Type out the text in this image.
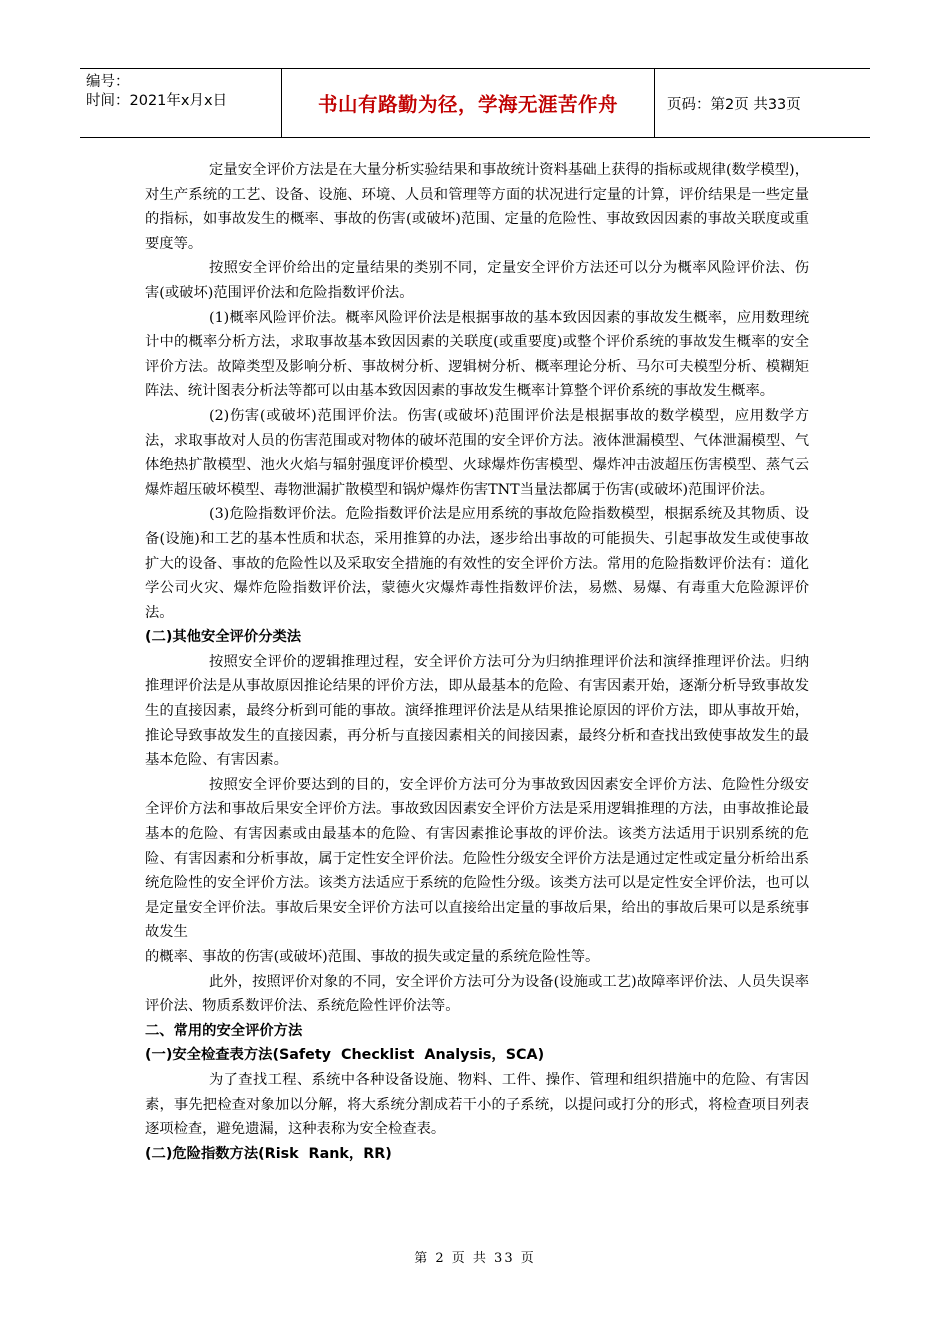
编号：
时间：2021年x月x日	书山有路勤为径，学海无涯苦作舟	页码：第2页 共33页

定量安全评价方法是在大量分析实验结果和事故统计资料基础上获得的指标或规律(数学模型)，对生产系统的工艺、设备、设施、环境、人员和管理等方面的状况进行定量的计算，评价结果是一些定量的指标，如事故发生的概率、事故的伤害(或破坏)范围、定量的危险性、事故致因因素的事故关联度或重要度等。

按照安全评价给出的定量结果的类别不同，定量安全评价方法还可以分为概率风险评价法、伤害(或破坏)范围评价法和危险指数评价法。

(1)概率风险评价法。概率风险评价法是根据事故的基本致因因素的事故发生概率，应用数理统计中的概率分析方法，求取事故基本致因因素的关联度(或重要度)或整个评价系统的事故发生概率的安全评价方法。故障类型及影响分析、事故树分析、逻辑树分析、概率理论分析、马尔可夫模型分析、模糊矩阵法、统计图表分析法等都可以由基本致因因素的事故发生概率计算整个评价系统的事故发生概率。

(2)伤害(或破坏)范围评价法。伤害(或破坏)范围评价法是根据事故的数学模型，应用数学方法，求取事故对人员的伤害范围或对物体的破坏范围的安全评价方法。液体泄漏模型、气体泄漏模型、气体绝热扩散模型、池火火焰与辐射强度评价模型、火球爆炸伤害模型、爆炸冲击波超压伤害模型、蒸气云爆炸超压破坏模型、毒物泄漏扩散模型和锅炉爆炸伤害TNT当量法都属于伤害(或破坏)范围评价法。

(3)危险指数评价法。危险指数评价法是应用系统的事故危险指数模型，根据系统及其物质、设备(设施)和工艺的基本性质和状态，采用推算的办法，逐步给出事故的可能损失、引起事故发生或使事故扩大的设备、事故的危险性以及采取安全措施的有效性的安全评价方法。常用的危险指数评价法有：道化学公司火灾、爆炸危险指数评价法，蒙德火灾爆炸毒性指数评价法，易燃、易爆、有毒重大危险源评价法。

(二)其他安全评价分类法

按照安全评价的逻辑推理过程，安全评价方法可分为归纳推理评价法和演绎推理评价法。归纳推理评价法是从事故原因推论结果的评价方法，即从最基本的危险、有害因素开始，逐渐分析导致事故发生的直接因素，最终分析到可能的事故。演绎推理评价法是从结果推论原因的评价方法，即从事故开始，推论导致事故发生的直接因素，再分析与直接因素相关的间接因素，最终分析和查找出致使事故发生的最基本危险、有害因素。

按照安全评价要达到的目的，安全评价方法可分为事故致因因素安全评价方法、危险性分级安全评价方法和事故后果安全评价方法。事故致因因素安全评价方法是采用逻辑推理的方法，由事故推论最基本的危险、有害因素或由最基本的危险、有害因素推论事故的评价法。该类方法适用于识别系统的危险、有害因素和分析事故，属于定性安全评价法。危险性分级安全评价方法是通过定性或定量分析给出系统危险性的安全评价方法。该类方法适应于系统的危险性分级。该类方法可以是定性安全评价法，也可以是定量安全评价法。事故后果安全评价方法可以直接给出定量的事故后果，给出的事故后果可以是系统事故发生

的概率、事故的伤害(或破坏)范围、事故的损失或定量的系统危险性等。

此外，按照评价对象的不同，安全评价方法可分为设备(设施或工艺)故障率评价法、人员失误率评价法、物质系数评价法、系统危险性评价法等。

二、常用的安全评价方法

(一)安全检查表方法(Safety  Checklist  Analysis，SCA)

为了查找工程、系统中各种设备设施、物料、工件、操作、管理和组织措施中的危险、有害因素，事先把检查对象加以分解，将大系统分割成若干小的子系统，以提问或打分的形式，将检查项目列表逐项检查，避免遗漏，这种表称为安全检查表。

(二)危险指数方法(Risk  Rank，RR)

第 2 页 共 33 页
